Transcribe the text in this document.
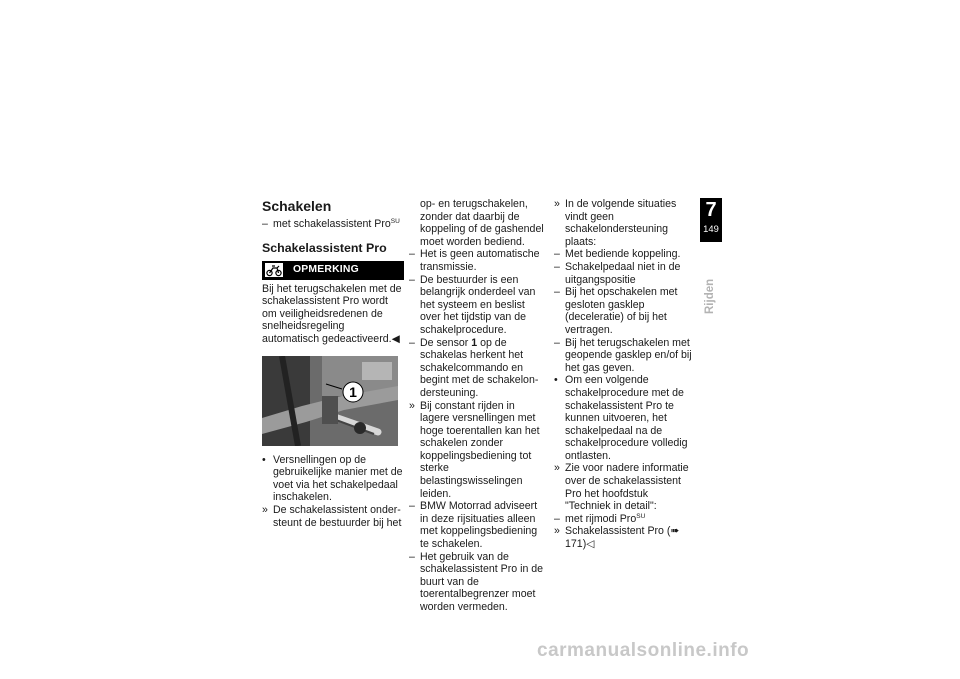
Schakelen

– met schakelassistent Pro$^{SU}$

Schakelassistent Pro
OPMERKING

Bij het terugschakelen met de schakelassistent Pro wordt om veiligheidsredenen de snelheidsregeling automatisch gedeactiveerd.◀

1

• Versnellingen op de gebruikelijke manier met de voet via het schakelpedaal inschakelen.

» De schakelassistent ondersteunt de bestuurder bij het

op- en terugschakelen, zonder dat daarbij de koppeling of de gashendel moet worden bediend.

– Het is geen automatische transmissie.

– De bestuurder is een belangrijk onderdeel van het systeem en beslist over het tijdstip van de schakelprocedure.

– De sensor 1 op de schakelas herkent het schakelcommando en begint met de schakelondersteuning.

» Bij constant rijden in lagere versnellingen met hoge toerentallen kan het schakelen zonder koppelingsbediening tot sterke belastingswisselingen leiden.

– BMW Motorrad adviseert in deze rijsituaties alleen met koppelingsbediening te schakelen.

– Het gebruik van de schakelassistent Pro in de buurt van de toerentalbegrenzer moet worden vermeden.

» In de volgende situaties vindt geen schakelondersteuning plaats:

– Met bediende koppeling.

– Schakelpedaal niet in de uitgangspositie

– Bij het opschakelen met gesloten gasklep (deceleratie) of bij het vertragen.

– Bij het terugschakelen met geopende gasklep en/of bij het gas geven.

• Om een volgende schakelprocedure met de schakelassistent Pro te kunnen uitvoeren, het schakelpedaal na de schakelprocedure volledig ontlasten.

» Zie voor nadere informatie over de schakelassistent Pro het hoofdstuk "Techniek in detail":

– met rijmodi Pro$^{SU}$

» Schakelassistent Pro (➠ 171)◁

7
149
Rijden
carmanualsonline.info
